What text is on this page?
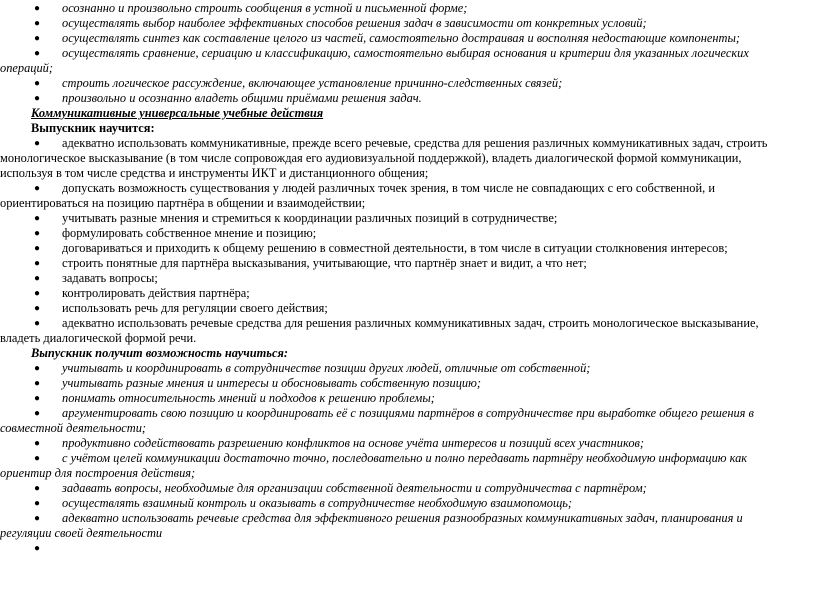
● осознанно и произвольно строить сообщения в устной и письменной форме;
● осуществлять выбор наиболее эффективных способов решения задач в зависимости от конкретных условий;
● осуществлять синтез как составление целого из частей, самостоятельно достраивая и восполняя недостающие компоненты;
● осуществлять сравнение, сериацию и классификацию, самостоятельно выбирая основания и критерии для указанных логических
операций;
● строить логическое рассуждение, включающее установление причинно-следственных связей;
● произвольно и осознанно владеть общими приёмами решения задач.
Коммуникативные универсальные учебные действия
Выпускник научится:
● адекватно использовать коммуникативные, прежде всего речевые, средства для решения различных коммуникативных задач, строить
монологическое высказывание (в том числе сопровождая его аудиовизуальной поддержкой), владеть диалогической формой коммуникации,
используя в том числе средства и инструменты ИКТ и дистанционного общения;
● допускать возможность существования у людей различных точек зрения, в том числе не совпадающих с его собственной, и
ориентироваться на позицию партнёра в общении и взаимодействии;
● учитывать разные мнения и стремиться к координации различных позиций в сотрудничестве;
● формулировать собственное мнение и позицию;
● договариваться и приходить к общему решению в совместной деятельности, в том числе в ситуации столкновения интересов;
● строить понятные для партнёра высказывания, учитывающие, что партнёр знает и видит, а что нет;
● задавать вопросы;
● контролировать действия партнёра;
● использовать речь для регуляции своего действия;
● адекватно использовать речевые средства для решения различных коммуникативных задач, строить монологическое высказывание,
владеть диалогической формой речи.
Выпускник получит возможность научиться:
● учитывать и координировать в сотрудничестве позиции других людей, отличные от собственной;
● учитывать разные мнения и интересы и обосновывать собственную позицию;
● понимать относительность мнений и подходов к решению проблемы;
● аргументировать свою позицию и координировать её с позициями партнёров в сотрудничестве при выработке общего решения в
совместной деятельности;
● продуктивно содействовать разрешению конфликтов на основе учёта интересов и позиций всех участников;
● с учётом целей коммуникации достаточно точно, последовательно и полно передавать партнёру необходимую информацию как
ориентир для построения действия;
● задавать вопросы, необходимые для организации собственной деятельности и сотрудничества с партнёром;
● осуществлять взаимный контроль и оказывать в сотрудничестве необходимую взаимопомощь;
● адекватно использовать речевые средства для эффективного решения разнообразных коммуникативных задач, планирования и
регуляции своей деятельности
●
